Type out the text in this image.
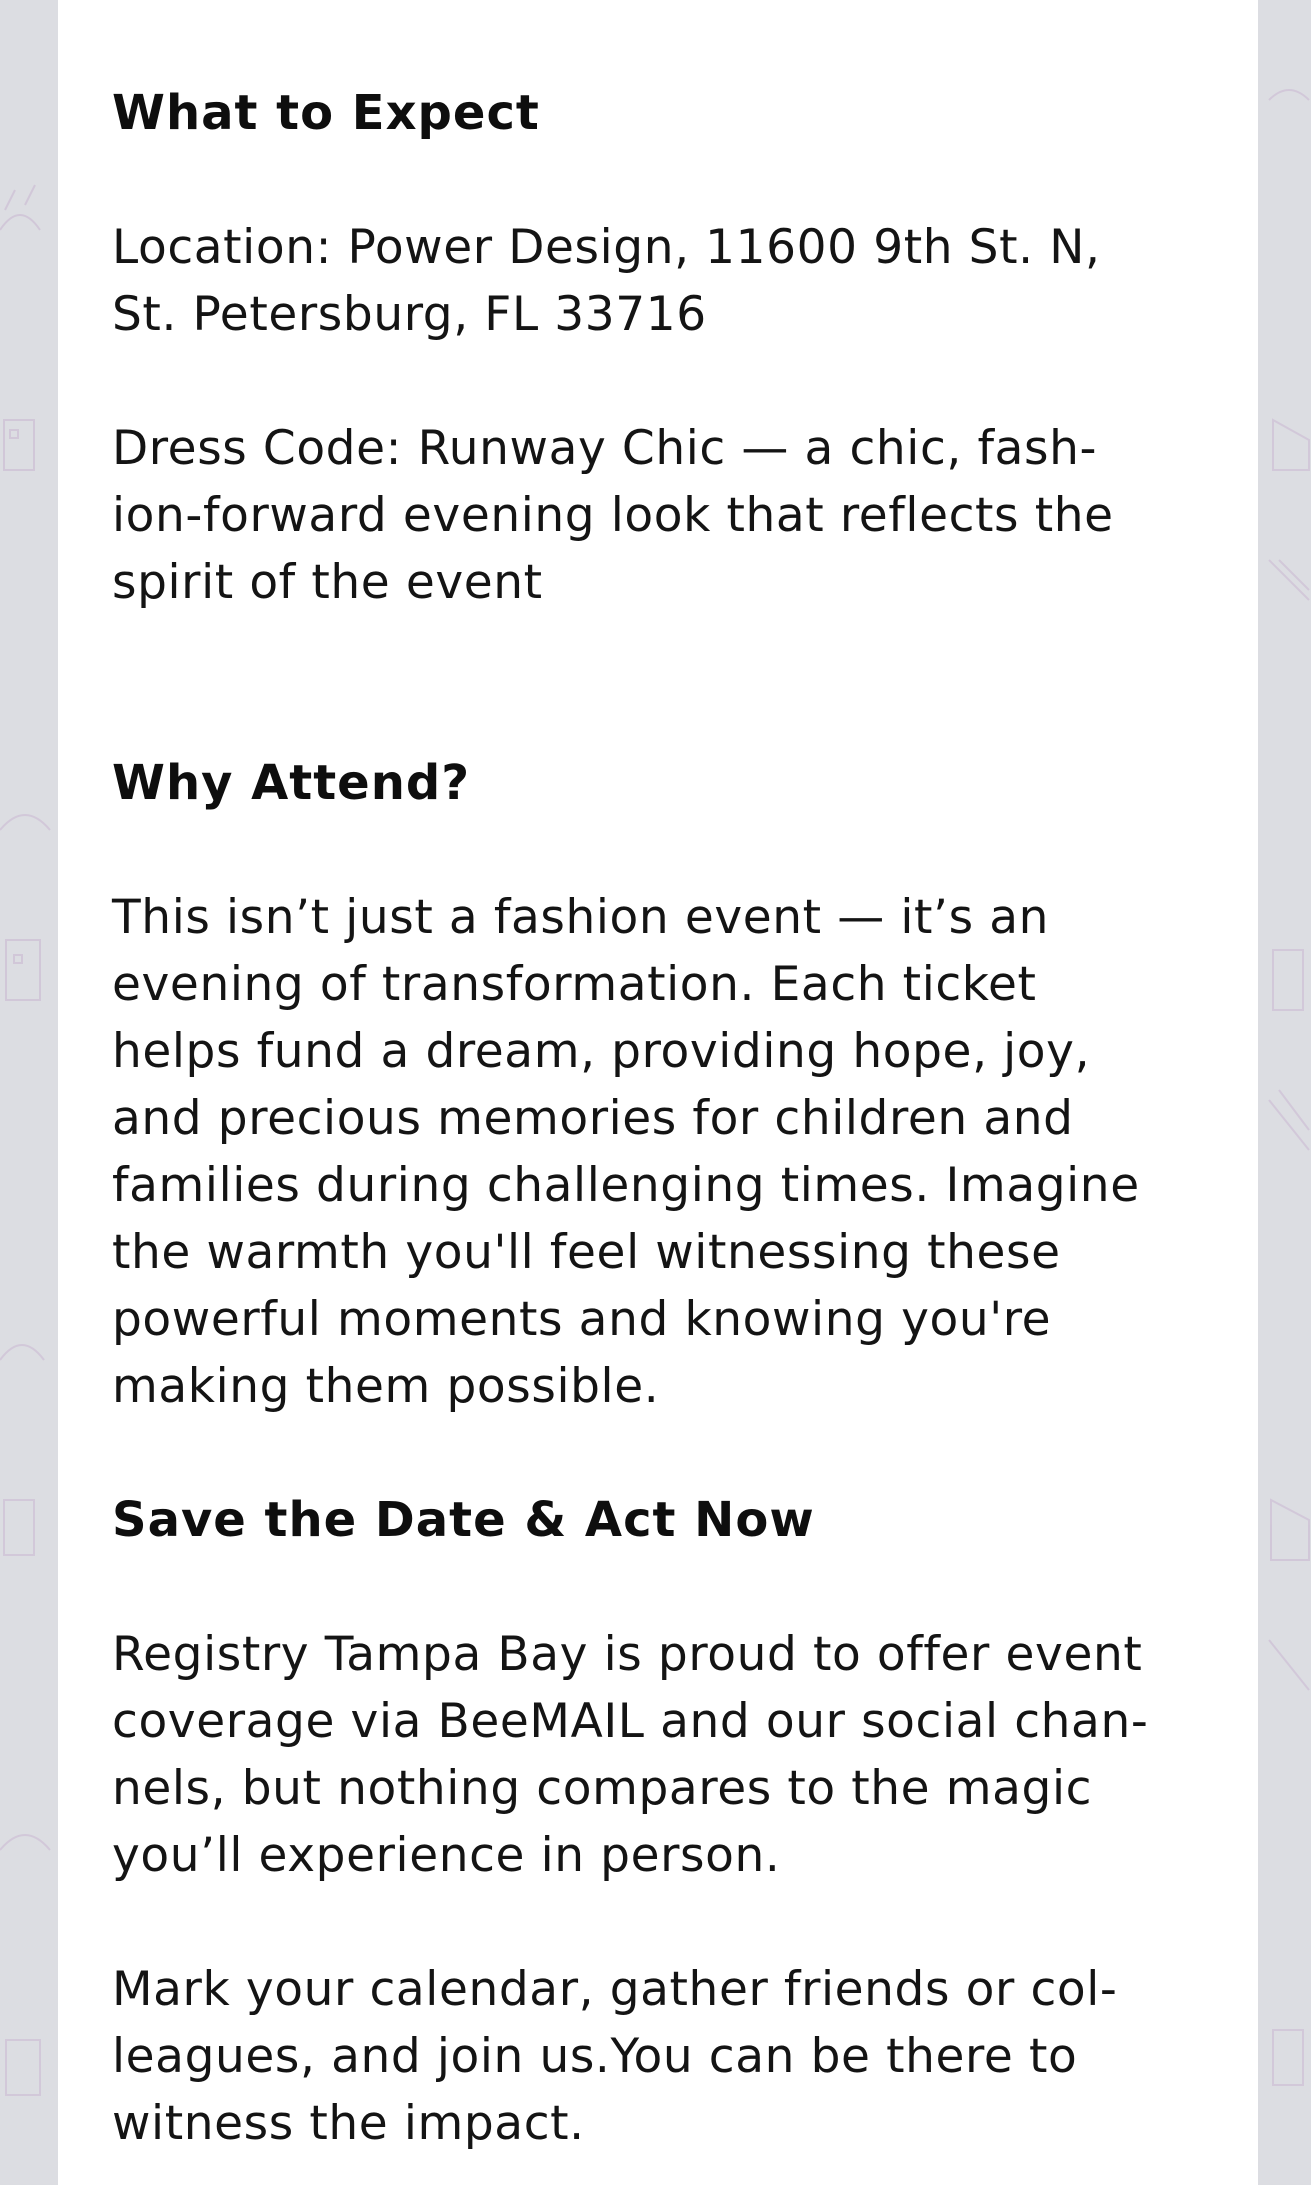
What to Expect

Location: Power Design, 11600 9th St. N,
St. Petersburg, FL 33716

Dress Code: Runway Chic — a chic, fash-
ion-forward evening look that reflects the
spirit of the event

Why Attend?

This isn’t just a fashion event — it’s an
evening of transformation. Each ticket
helps fund a dream, providing hope, joy,
and precious memories for children and
families during challenging times. Imagine
the warmth you'll feel witnessing these
powerful moments and knowing you're
making them possible.

Save the Date & Act Now

Registry Tampa Bay is proud to offer event
coverage via BeeMAIL and our social chan-
nels, but nothing compares to the magic
you’ll experience in person.

Mark your calendar, gather friends or col-
leagues, and join us.You can be there to
witness the impact.
